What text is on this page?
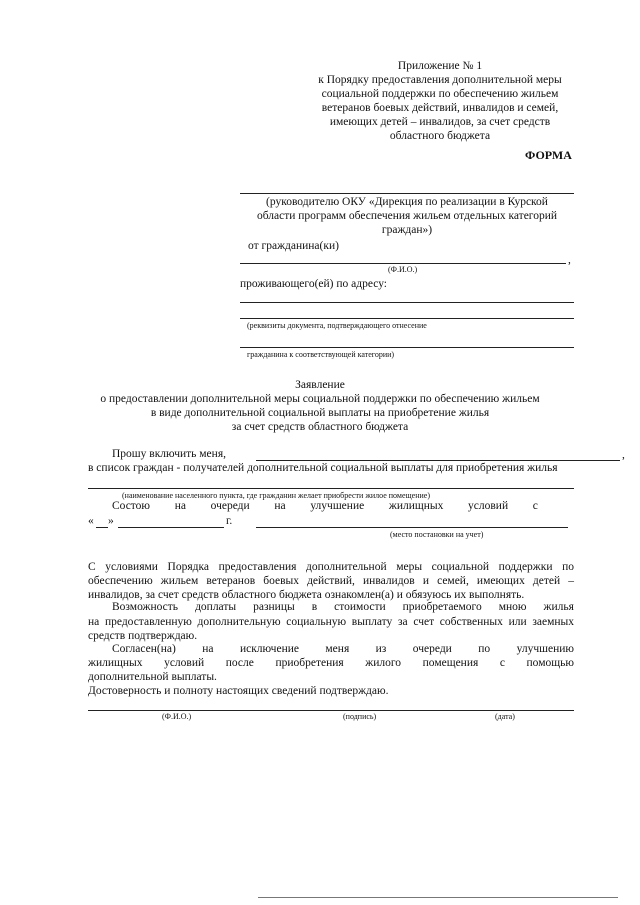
Приложение № 1
к Порядку предоставления дополнительной меры
социальной поддержки по обеспечению жильем
ветеранов боевых действий, инвалидов и семей,
имеющих детей – инвалидов, за счет средств
областного бюджета
ФОРМА
(руководителю ОКУ «Дирекция по реализации в Курской
области программ обеспечения жильем отдельных категорий
граждан»)
от гражданина(ки)
,
(Ф.И.О.)
проживающего(ей) по адресу:
(реквизиты документа, подтверждающего отнесение
гражданина к соответствующей категории)
Заявление
о предоставлении дополнительной меры социальной поддержки по обеспечению жильем
в виде дополнительной социальной выплаты на приобретение жилья
за счет средств областного бюджета
Прошу включить меня,	,
в список граждан - получателей дополнительной социальной выплаты для приобретения жилья
(наименование населенного пункта, где гражданин желает приобрести жилое помещение)
Состою на очереди на улучшение жилищных условий с
« »	г.
(место постановки на учет)
С условиями Порядка предоставления дополнительной меры социальной поддержки по
обеспечению жильем ветеранов боевых действий, инвалидов и семей, имеющих детей –
инвалидов, за счет средств областного бюджета ознакомлен(а) и обязуюсь их выполнять.
Возможность доплаты разницы в стоимости приобретаемого мною жилья
на предоставленную дополнительную социальную выплату за счет собственных или заемных
средств подтверждаю.
Согласен(на) на исключение меня из очереди по улучшению
жилищных условий после приобретения жилого помещения с помощью
дополнительной выплаты.
Достоверность и полноту настоящих сведений подтверждаю.
(Ф.И.О.)	(подпись)	(дата)
